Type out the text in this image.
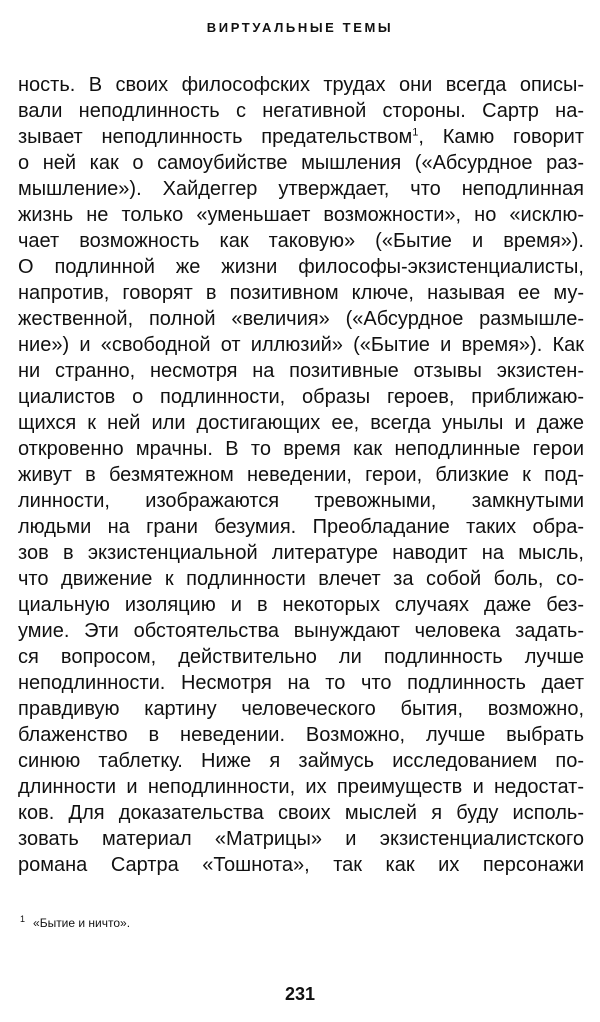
ВИРТУАЛЬНЫЕ ТЕМЫ
ность. В своих философских трудах они всегда описы-
вали неподлинность с негативной стороны. Сартр на-
зывает неподлинность предательством$^1$, Камю говорит
о ней как о самоубийстве мышления («Абсурдное раз-
мышление»). Хайдеггер утверждает, что неподлинная
жизнь не только «уменьшает возможности», но «исклю-
чает возможность как таковую» («Бытие и время»).
О подлинной же жизни философы-экзистенциалисты,
напротив, говорят в позитивном ключе, называя ее му-
жественной, полной «величия» («Абсурдное размышле-
ние») и «свободной от иллюзий» («Бытие и время»). Как
ни странно, несмотря на позитивные отзывы экзистен-
циалистов о подлинности, образы героев, приближаю-
щихся к ней или достигающих ее, всегда унылы и даже
откровенно мрачны. В то время как неподлинные герои
живут в безмятежном неведении, герои, близкие к под-
линности, изображаются тревожными, замкнутыми
людьми на грани безумия. Преобладание таких обра-
зов в экзистенциальной литературе наводит на мысль,
что движение к подлинности влечет за собой боль, со-
циальную изоляцию и в некоторых случаях даже без-
умие. Эти обстоятельства вынуждают человека задать-
ся вопросом, действительно ли подлинность лучше
неподлинности. Несмотря на то что подлинность дает
правдивую картину человеческого бытия, возможно,
блаженство в неведении. Возможно, лучше выбрать
синюю таблетку. Ниже я займусь исследованием по-
длинности и неподлинности, их преимуществ и недостат-
ков. Для доказательства своих мыслей я буду исполь-
зовать материал «Матрицы» и экзистенциалистского
романа Сартра «Тошнота», так как их персонажи
$^1$ «Бытие и ничто».
231
